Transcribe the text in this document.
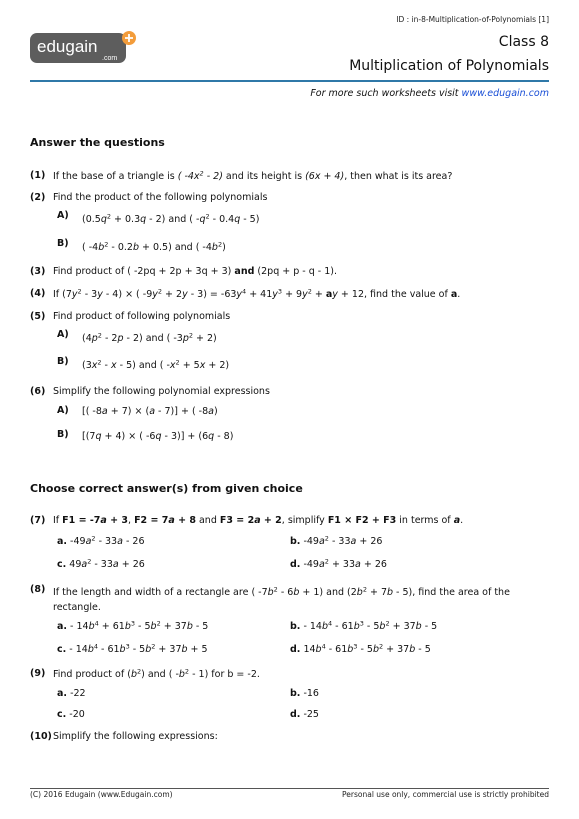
ID : in-8-Multiplication-of-Polynomials [1]
edugain
.com
Class 8
Multiplication of Polynomials
For more such worksheets visit www.edugain.com
Answer the questions
(1) If the base of a triangle is ( $-4x^2 - 2$) and its height is (6x + 4), then what is its area?
(2) Find the product of the following polynomials
A) $(0.5q^2 + 0.3q - 2)$ and ( $-q^2 - 0.4q - 5$)
B) ( $-4b^2 - 0.2b + 0.5$) and ( $-4b^2$)
(3) Find product of ( -2pq + 2p + 3q + 3) and (2pq + p - q - 1).
(4) If $(7y^2 - 3y - 4)$ × ( $-9y^2 + 2y - 3) = -63y^4 + 41y^3 + 9y^2$ + ay + 12, find the value of a.
(5) Find product of following polynomials
A) $(4p^2 - 2p - 2)$ and ( $-3p^2 + 2$)
B) ($3x^2$ - x - 5) and ( $-x^2 + 5x + 2$)
(6) Simplify the following polynomial expressions
A) [( -8a + 7) × (a - 7)] + ( -8a)
B) [(7q + 4) × ( -6q - 3)] + (6q - 8)
Choose correct answer(s) from given choice
(7) If F1 = -7a + 3, F2 = 7a + 8 and F3 = 2a + 2, simplify F1 × F2 + F3 in terms of a.
a. $-49a^2 - 33a - 26$	b. $-49a^2 - 33a + 26$
c. $49a^2 - 33a + 26$	d. $-49a^2 + 33a + 26$
(8) If the length and width of a rectangle are ( $-7b^2 - 6b + 1$) and $(2b^2 + 7b - 5)$, find the area of the rectangle.
a. - $14b^4 + 61b^3 - 5b^2 + 37b - 5$	b. - $14b^4 - 61b^3 - 5b^2 + 37b - 5$
c. - $14b^4 - 61b^3 - 5b^2 + 37b + 5$	d. $14b^4 - 61b^3 - 5b^2 + 37b - 5$
(9) Find product of $(b^2)$ and ( $-b^2 - 1$) for b = -2.
a. -22	b. -16
c. -20	d. -25
(10) Simplify the following expressions:
(C) 2016 Edugain (www.Edugain.com)	Personal use only, commercial use is strictly prohibited
